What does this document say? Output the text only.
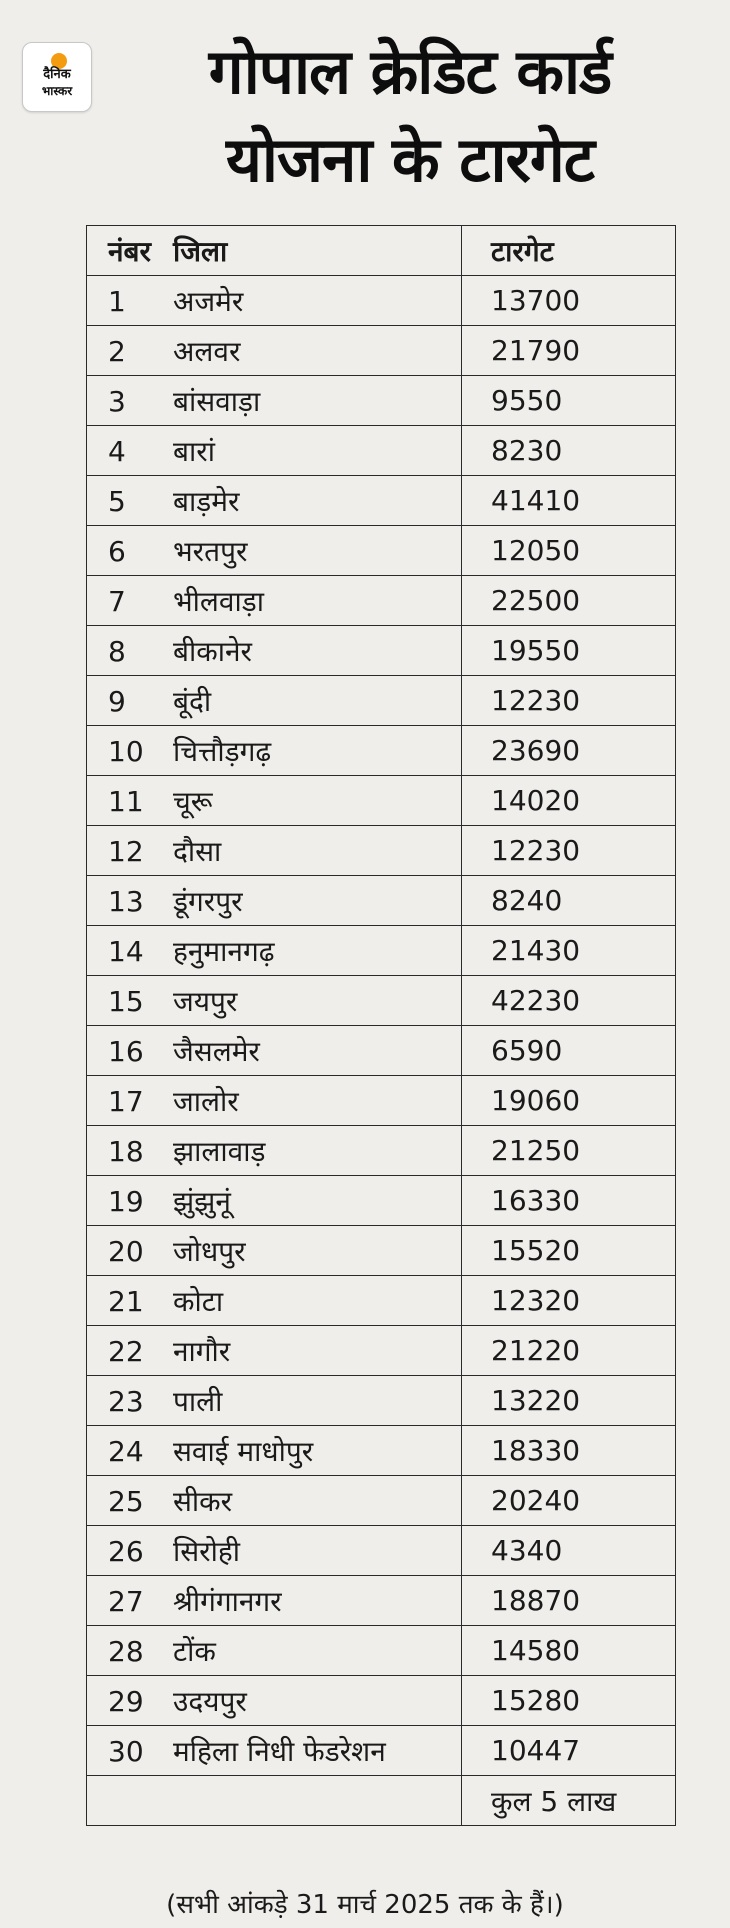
दैनिक
भास्कर	गोपाल क्रेडिट कार्ड
योजना के टारगेट
नंबर जिला	टारगेट
1 अजमेर	13700
2 अलवर	21790
3 बांसवाड़ा	9550
4 बारां	8230
5 बाड़मेर	41410
6 भरतपुर	12050
7 भीलवाड़ा	22500
8 बीकानेर	19550
9 बूंदी	12230
10 चित्तौड़गढ़	23690
11 चूरू	14020
12 दौसा	12230
13 डूंगरपुर	8240
14 हनुमानगढ़	21430
15 जयपुर	42230
16 जैसलमेर	6590
17 जालोर	19060
18 झालावाड़	21250
19 झुंझुनूं	16330
20 जोधपुर	15520
21 कोटा	12320
22 नागौर	21220
23 पाली	13220
24 सवाई माधोपुर	18330
25 सीकर	20240
26 सिरोही	4340
27 श्रीगंगानगर	18870
28 टोंक	14580
29 उदयपुर	15280
30 महिला निधी फेडरेशन	10447
	कुल 5 लाख
(सभी आंकड़े 31 मार्च 2025 तक के हैं।)
